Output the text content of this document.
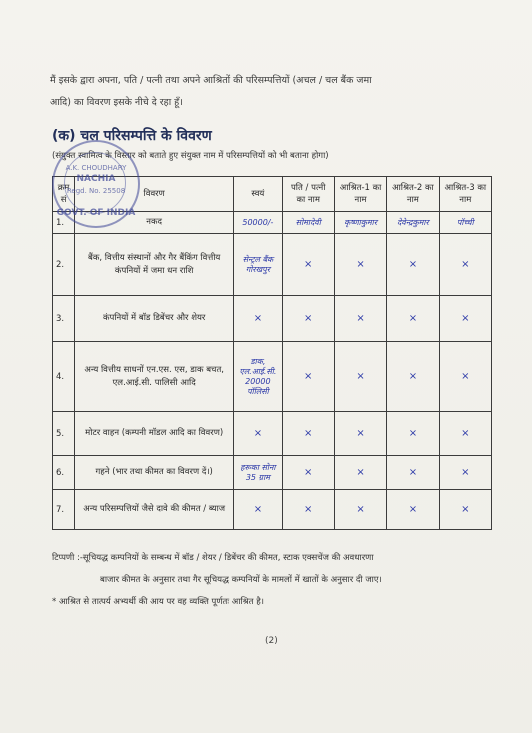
मैं इसके द्वारा अपना, पति / पत्नी तथा अपने आश्रितों की परिसम्पत्तियों (अचल / चल बैंक जमा
आदि) का विवरण इसके नीचे दे रहा हूँ।
(क) चल परिसम्पत्ति के विवरण
(संयुक्त स्वामित्व के विस्तार को बताते हुए संयुक्त नाम में परिसम्पत्तियों को भी बताना होगा)
क्रम सं	विवरण	स्वयं	पति / पत्नी का नाम	आश्रित-1 का नाम	आश्रित-2 का नाम	आश्रित-3 का नाम
1.	नकद	50000/-	सोमादेवी	कृष्णाकुमार	देवेन्द्रकुमार	पॉच्ची
2.	बैंक, वित्तीय संस्थानों और गैर बैंकिंग वित्तीय कंपनियों में जमा धन राशि	सेन्ट्रल बैंक गोरखपुर	×	×	×	×
3.	कंपनियों में बॉड डिबेंचर और शेयर	×	×	×	×	×
4.	अन्य वित्तीय साधनों एन.एस. एस, डाक बचत, एल.आई.सी. पालिसी आदि	डाक, एल.आई.सी. 20000 पॉलिसी	×	×	×	×
5.	मोटर वाहन (कम्पनी मॉडल आदि का विवरण)	×	×	×	×	×
6.	गहने (भार तथा कीमत का विवरण दें।)	हरूका सोना 35 ग्राम	×	×	×	×
7.	अन्य परिसम्पत्तियों जैसे दावे की कीमत / ब्याज	×	×	×	×	×
A.K. CHOUDHARY
NACHIA
Regd. No. 25508
GOVT. OF INDIA
टिप्पणी :-सूचियद्ध कम्पनियों के सम्बन्ध में बॉड / शेयर / डिबेंचर की कीमत, स्टाक एक्सचेंज की अवधारणा
बाजार कीमत के अनुसार तथा गैर सूचियद्ध कम्पनियों के मामलों में खातों के अनुसार दी जाए।
* आश्रित से तात्पर्य अभ्यर्थी की आय पर वह व्यक्ति पूर्णतः आश्रित है।
(2)
